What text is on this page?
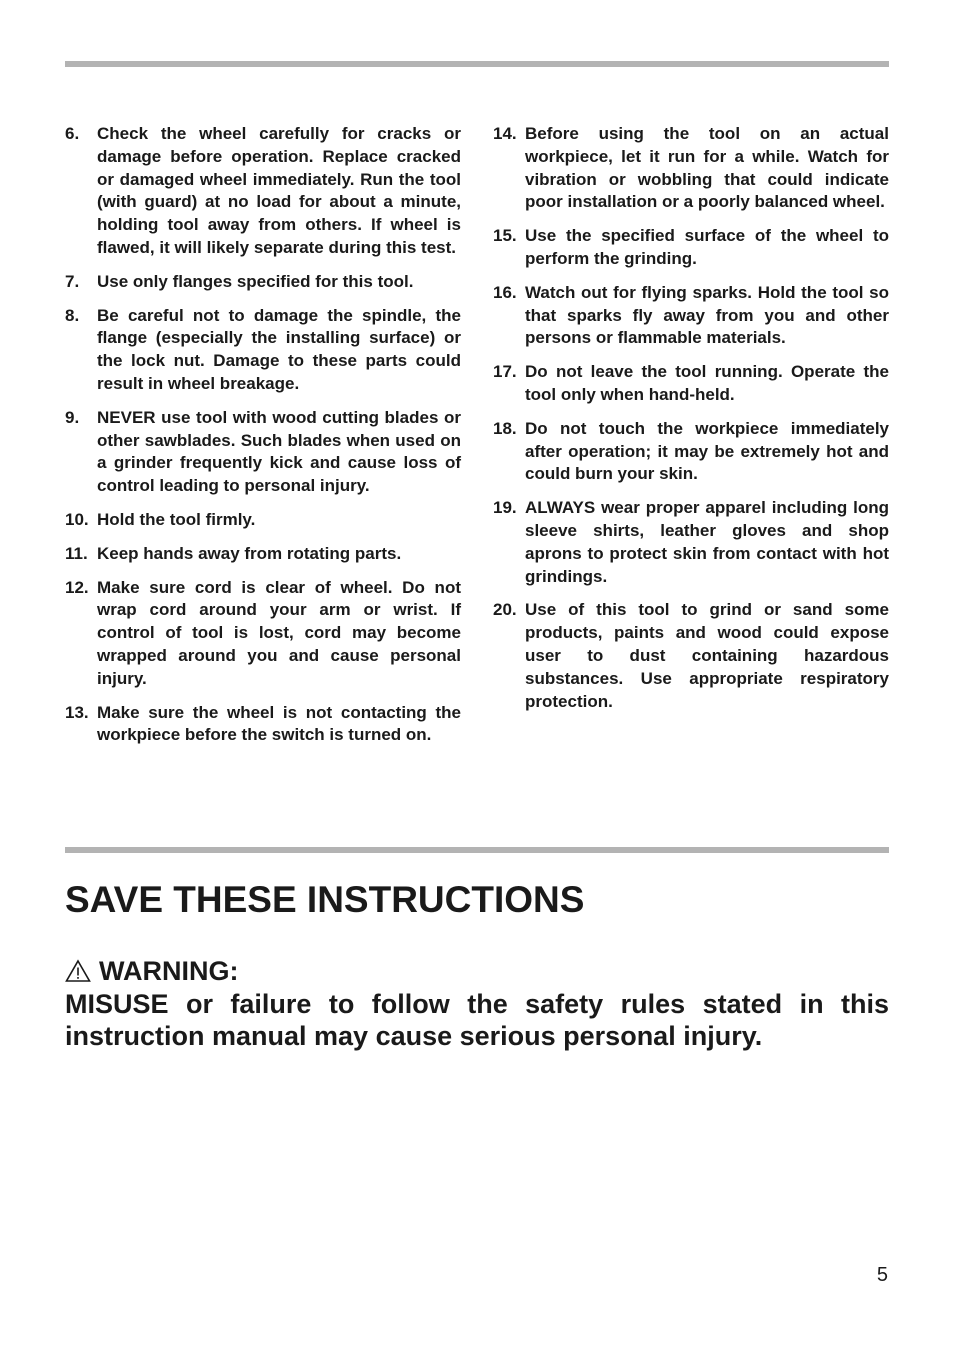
6.	Check the wheel carefully for cracks or damage before operation. Replace cracked or damaged wheel immediately. Run the tool (with guard) at no load for about a minute, holding tool away from others. If wheel is flawed, it will likely separate during this test.
7.	Use only flanges specified for this tool.
8.	Be careful not to damage the spindle, the flange (especially the installing surface) or the lock nut. Damage to these parts could result in wheel breakage.
9.	NEVER use tool with wood cutting blades or other sawblades. Such blades when used on a grinder frequently kick and cause loss of control leading to personal injury.
10. Hold the tool firmly.
11. Keep hands away from rotating parts.
12. Make sure cord is clear of wheel. Do not wrap cord around your arm or wrist. If control of tool is lost, cord may become wrapped around you and cause personal injury.
13. Make sure the wheel is not contacting the workpiece before the switch is turned on.
14. Before using the tool on an actual workpiece, let it run for a while. Watch for vibration or wobbling that could indicate poor installation or a poorly balanced wheel.
15. Use the specified surface of the wheel to perform the grinding.
16. Watch out for flying sparks. Hold the tool so that sparks fly away from you and other persons or flammable materials.
17. Do not leave the tool running. Operate the tool only when hand-held.
18. Do not touch the workpiece immediately after operation; it may be extremely hot and could burn your skin.
19. ALWAYS wear proper apparel including long sleeve shirts, leather gloves and shop aprons to protect skin from contact with hot grindings.
20. Use of this tool to grind or sand some products, paints and wood could expose user to dust containing hazardous substances. Use appropriate respiratory protection.
SAVE THESE INSTRUCTIONS
WARNING:

MISUSE or failure to follow the safety rules stated in this instruction manual may cause serious personal injury.

5
